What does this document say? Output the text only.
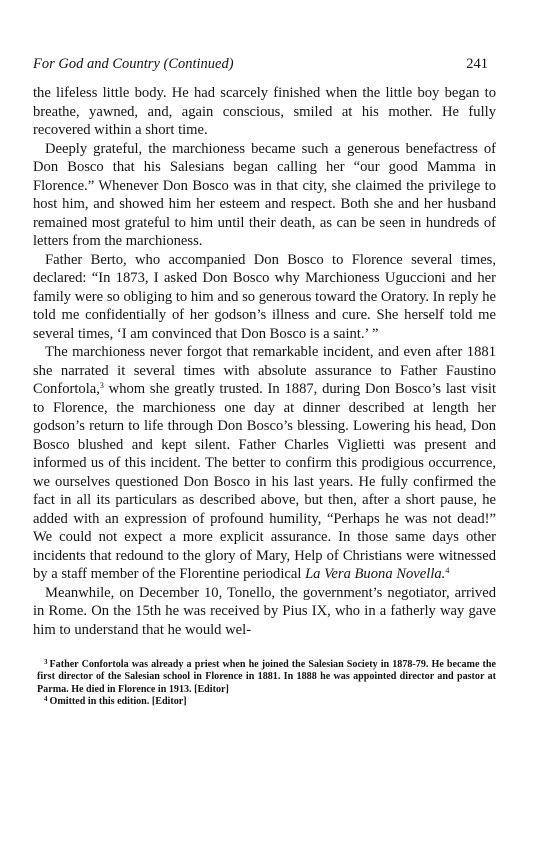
For God and Country (Continued)	241

the lifeless little body. He had scarcely finished when the little boy began to breathe, yawned, and, again conscious, smiled at his mother. He fully recovered within a short time.

Deeply grateful, the marchioness became such a generous benefactress of Don Bosco that his Salesians began calling her “our good Mamma in Florence.” Whenever Don Bosco was in that city, she claimed the privilege to host him, and showed him her esteem and respect. Both she and her husband remained most grateful to him until their death, as can be seen in hundreds of letters from the marchioness.

Father Berto, who accompanied Don Bosco to Florence several times, declared: “In 1873, I asked Don Bosco why Marchioness Uguccioni and her family were so obliging to him and so generous toward the Oratory. In reply he told me confidentially of her godson’s illness and cure. She herself told me several times, ‘I am convinced that Don Bosco is a saint.’ ”

The marchioness never forgot that remarkable incident, and even after 1881 she narrated it several times with absolute assurance to Father Faustino Confortola,$^3$ whom she greatly trusted. In 1887, during Don Bosco’s last visit to Florence, the marchioness one day at dinner described at length her godson’s return to life through Don Bosco’s blessing. Lowering his head, Don Bosco blushed and kept silent. Father Charles Viglietti was present and informed us of this incident. The better to confirm this prodigious occurrence, we ourselves questioned Don Bosco in his last years. He fully confirmed the fact in all its particulars as described above, but then, after a short pause, he added with an expression of profound humility, “Perhaps he was not dead!” We could not expect a more explicit assurance. In those same days other incidents that redound to the glory of Mary, Help of Christians were witnessed by a staff member of the Florentine periodical La Vera Buona Novella.$^4$

Meanwhile, on December 10, Tonello, the government’s negotiator, arrived in Rome. On the 15th he was received by Pius IX, who in a fatherly way gave him to understand that he would wel-

$^3$ Father Confortola was already a priest when he joined the Salesian Society in 1878-79. He became the first director of the Salesian school in Florence in 1881. In 1888 he was appointed director and pastor at Parma. He died in Florence in 1913. [Editor]

$^4$ Omitted in this edition. [Editor]
